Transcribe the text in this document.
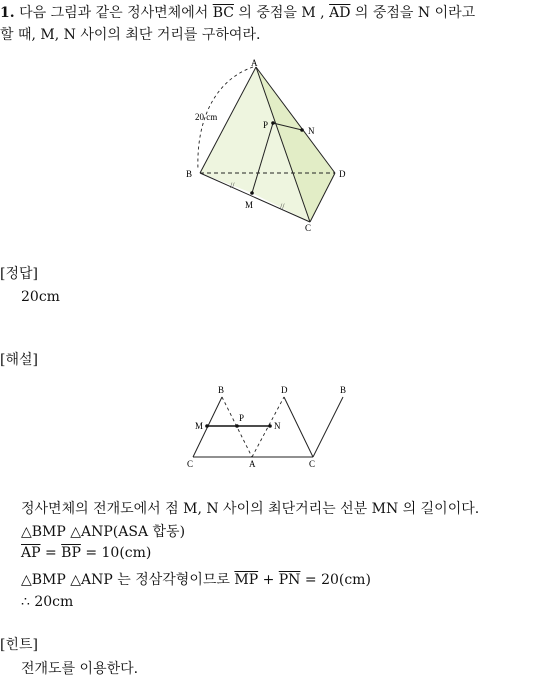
1. 다음 그림과 같은 정사면체에서 $\overline{BC}$ 의 중점을 M , $\overline{AD}$ 의 중점을 N 이라고
할 때, M, N 사이의 최단 거리를 구하여라.
//
//
A
B
C
D
P
N
M
20 cm
[정답]
20cm
[해설]
B	D	B
M
P
N
C	A	C
정사면체의 전개도에서 점 M, N 사이의 최단거리는 선분 MN 의 길이이다.
△BMP △ANP(ASA 합동)
$\overline{AP} = \overline{BP} = 10(cm)$
△BMP △ANP 는 정삼각형이므로 $\overline{MP} + \overline{PN} = 20(cm)$
∴ 20cm
[힌트]
전개도를 이용한다.
